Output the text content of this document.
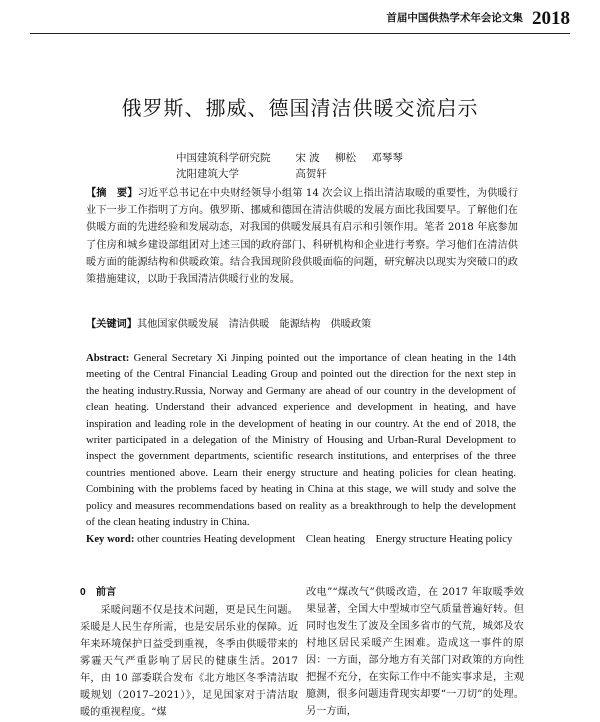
首届中国供热学术年会论文集 2018
俄罗斯、挪威、德国清洁供暖交流启示
中国建筑科学研究院 宋 波 柳松 邓琴琴
沈阳建筑大学	高贺轩
【摘　要】习近平总书记在中央财经领导小组第 14 次会议上指出清洁取暖的重要性，为供暖行业下一步工作指明了方向。俄罗斯、挪威和德国在清洁供暖的发展方面比我国要早。了解他们在供暖方面的先进经验和发展动态，对我国的供暖发展具有启示和引领作用。笔者 2018 年底参加了住房和城乡建设部组团对上述三国的政府部门、科研机构和企业进行考察。学习他们在清洁供暖方面的能源结构和供暖政策。结合我国现阶段供暖面临的问题，研究解决以现实为突破口的政策措施建议，以助于我国清洁供暖行业的发展。
【关键词】其他国家供暖发展　清洁供暖　能源结构　供暖政策
Abstract: General Secretary Xi Jinping pointed out the importance of clean heating in the 14th meeting of the Central Financial Leading Group and pointed out the direction for the next step in the heating industry.Russia, Norway and Germany are ahead of our country in the development of clean heating. Understand their advanced experience and development in heating, and have inspiration and leading role in the development of heating in our country. At the end of 2018, the writer participated in a delegation of the Ministry of Housing and Urban-Rural Development to inspect the government departments, scientific research institutions, and enterprises of the three countries mentioned above. Learn their energy structure and heating policies for clean heating. Combining with the problems faced by heating in China at this stage, we will study and solve the policy and measures recommendations based on reality as a breakthrough to help the development of the clean heating industry in China.
Key word: other countries Heating development　Clean heating　Energy structure Heating policy
0　前言

采暖问题不仅是技术问题，更是民生问题。采暖是人民生存所需，也是安居乐业的保障。近年来环境保护日益受到重视，冬季由供暖带来的雾霾天气严重影响了居民的健康生活。2017 年，由 10 部委联合发布《北方地区冬季清洁取暖规划（2017–2021）》，足见国家对于清洁取暖的重视程度。“煤

改电”“煤改气”供暖改造，在 2017 年取暖季效果显著，全国大中型城市空气质量普遍好转。但同时也发生了波及全国多省市的气荒，城郊及农村地区居民采暖产生困难。造成这一事件的原因：一方面，部分地方有关部门对政策的方向性把握不充分，在实际工作中不能实事求是，主观臆测，很多问题违背现实却要“一刀切”的处理。另一方面，
